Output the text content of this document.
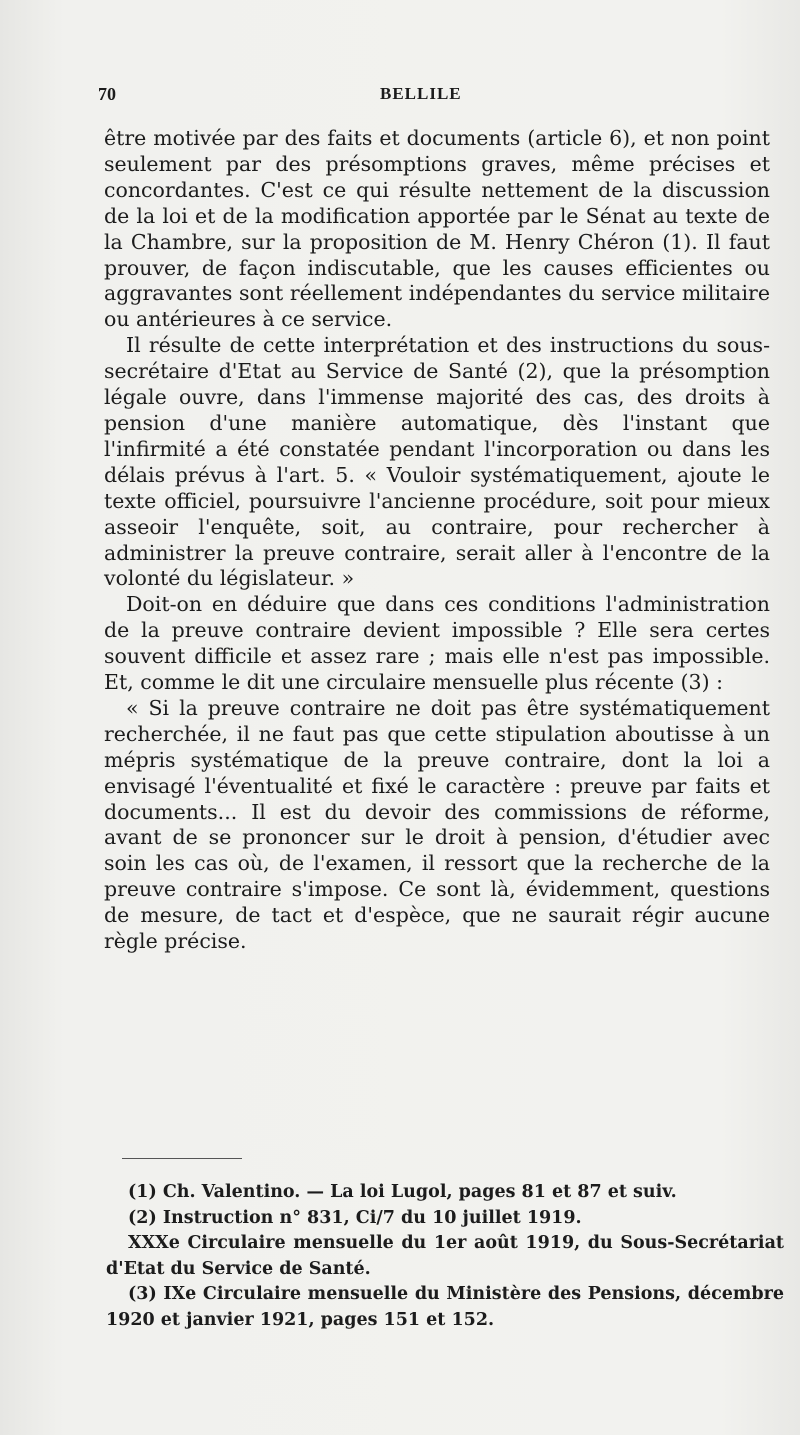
70	BELLILE

être motivée par des faits et documents (article 6), et non point seulement par des présomptions graves, même précises et concordantes. C'est ce qui résulte nettement de la discussion de la loi et de la modification apportée par le Sénat au texte de la Chambre, sur la proposition de M. Henry Chéron (1). Il faut prouver, de façon indiscutable, que les causes efficientes ou aggravantes sont réellement indépendantes du service militaire ou antérieures à ce service.

Il résulte de cette interprétation et des instructions du sous-secrétaire d'Etat au Service de Santé (2), que la présomption légale ouvre, dans l'immense majorité des cas, des droits à pension d'une manière automatique, dès l'instant que l'infirmité a été constatée pendant l'incorporation ou dans les délais prévus à l'art. 5. « Vouloir systématiquement, ajoute le texte officiel, poursuivre l'ancienne procédure, soit pour mieux asseoir l'enquête, soit, au contraire, pour rechercher à administrer la preuve contraire, serait aller à l'encontre de la volonté du législateur. »

Doit-on en déduire que dans ces conditions l'administration de la preuve contraire devient impossible ? Elle sera certes souvent difficile et assez rare ; mais elle n'est pas impossible. Et, comme le dit une circulaire mensuelle plus récente (3) :

« Si la preuve contraire ne doit pas être systématiquement recherchée, il ne faut pas que cette stipulation aboutisse à un mépris systématique de la preuve contraire, dont la loi a envisagé l'éventualité et fixé le caractère : preuve par faits et documents... Il est du devoir des commissions de réforme, avant de se prononcer sur le droit à pension, d'étudier avec soin les cas où, de l'examen, il ressort que la recherche de la preuve contraire s'impose. Ce sont là, évidemment, questions de mesure, de tact et d'espèce, que ne saurait régir aucune règle précise.

(1) Ch. Valentino. — La loi Lugol, pages 81 et 87 et suiv.

(2) Instruction n° 831, Ci/7 du 10 juillet 1919.

XXXe Circulaire mensuelle du 1er août 1919, du Sous-Secrétariat d'Etat du Service de Santé.

(3) IXe Circulaire mensuelle du Ministère des Pensions, décembre 1920 et janvier 1921, pages 151 et 152.
